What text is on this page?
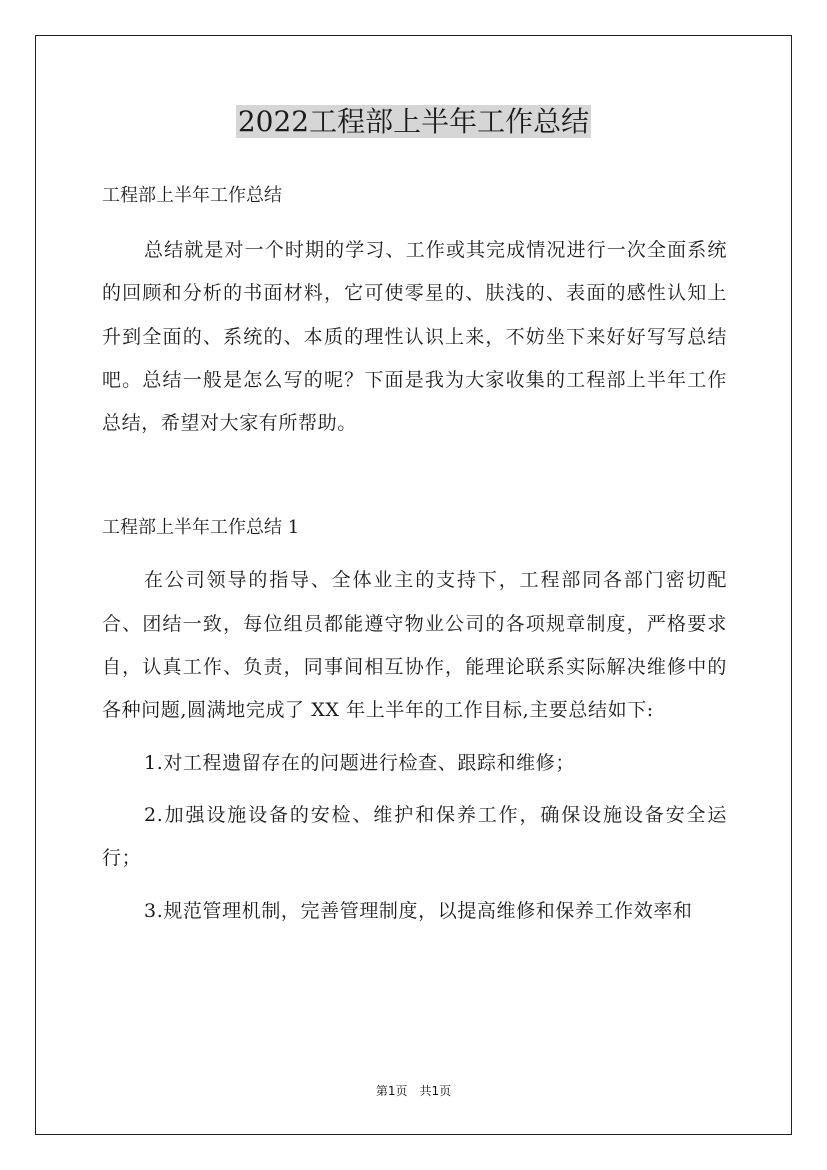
2022工程部上半年工作总结

工程部上半年工作总结

总结就是对一个时期的学习、工作或其完成情况进行一次全面系统的回顾和分析的书面材料，它可使零星的、肤浅的、表面的感性认知上升到全面的、系统的、本质的理性认识上来，不妨坐下来好好写写总结吧。总结一般是怎么写的呢？下面是我为大家收集的工程部上半年工作总结，希望对大家有所帮助。

工程部上半年工作总结 1

在公司领导的指导、全体业主的支持下，工程部同各部门密切配合、团结一致，每位组员都能遵守物业公司的各项规章制度，严格要求自，认真工作、负责，同事间相互协作，能理论联系实际解决维修中的各种问题,圆满地完成了 XX 年上半年的工作目标,主要总结如下:

1.对工程遗留存在的问题进行检查、跟踪和维修；

2.加强设施设备的安检、维护和保养工作，确保设施设备安全运行；

3.规范管理机制，完善管理制度，以提高维修和保养工作效率和

第1页 共1页
